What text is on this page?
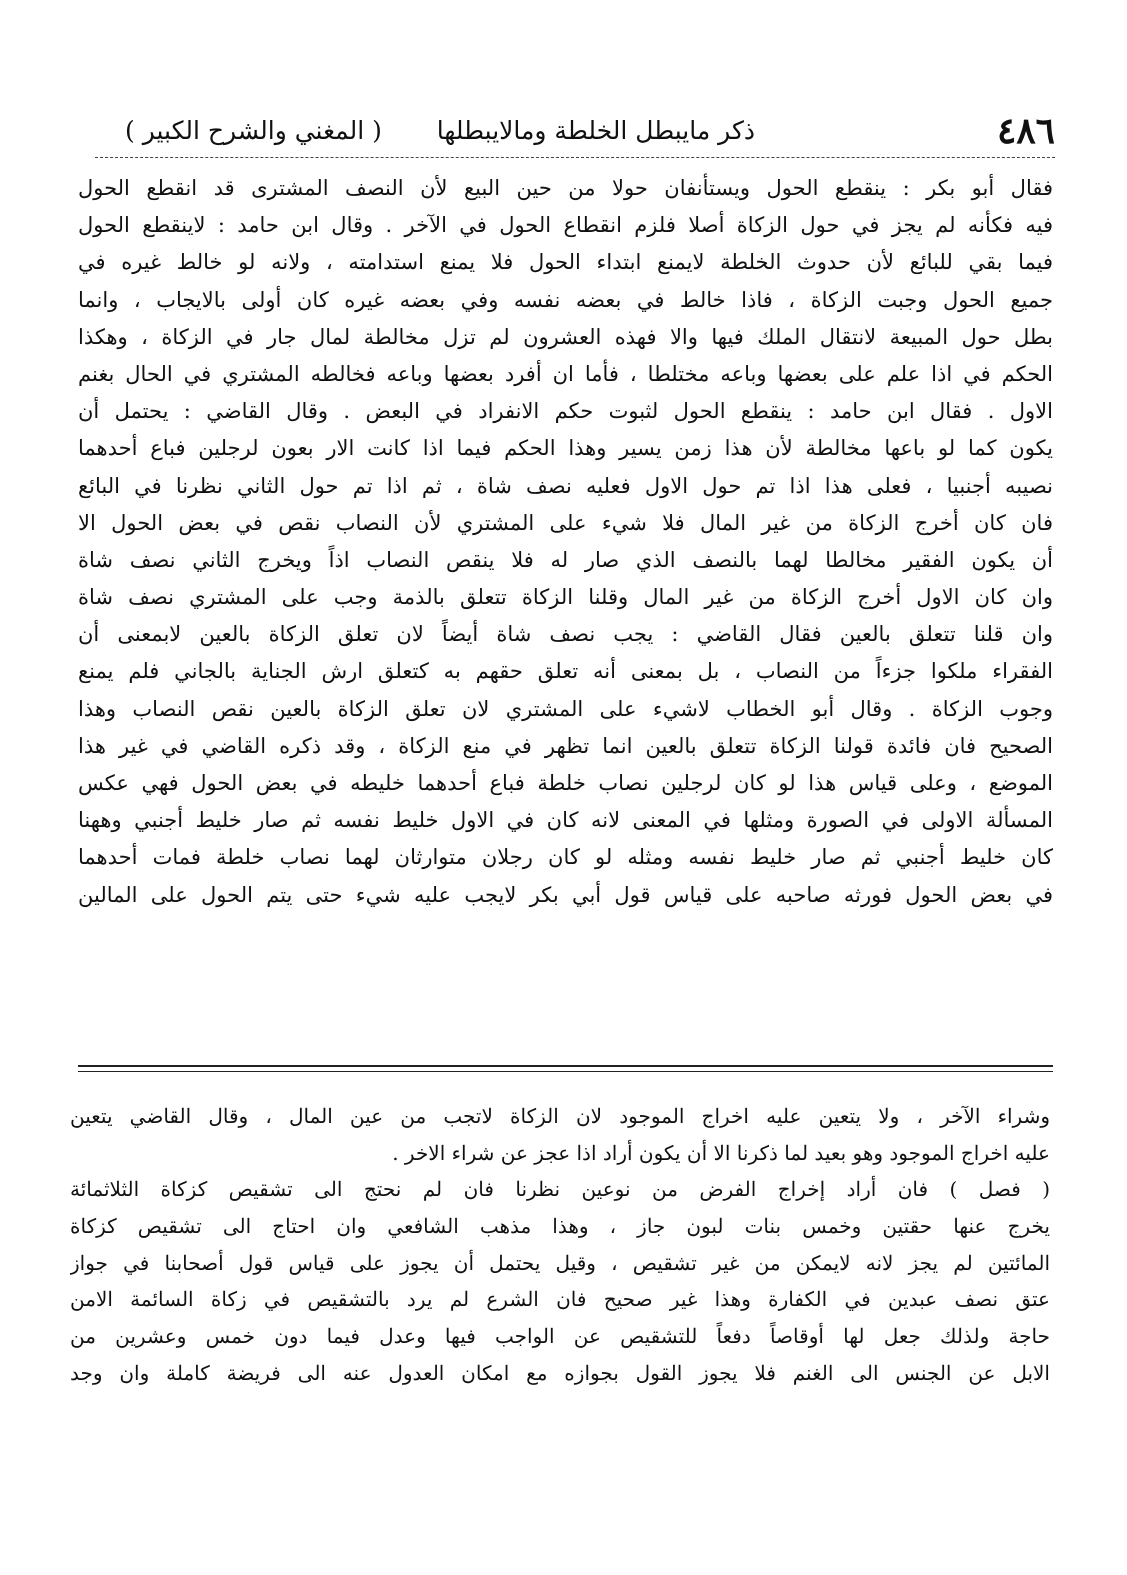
٤٨٦
ذكر مايبطل الخلطة ومالايبطلها
( المغني والشرح الكبير )
فقال أبو بكر : ينقطع الحول ويستأنفان حولا من حين البيع لأن النصف المشترى قد انقطع الحول
فيه فكأنه لم يجز في حول الزكاة أصلا فلزم انقطاع الحول في الآخر . وقال ابن حامد : لاينقطع الحول
فيما بقي للبائع لأن حدوث الخلطة لايمنع ابتداء الحول فلا يمنع استدامته ، ولانه لو خالط غيره في
جميع الحول وجبت الزكاة ، فاذا خالط في بعضه نفسه وفي بعضه غيره كان أولى بالايجاب ، وانما
بطل حول المبيعة لانتقال الملك فيها والا فهذه العشرون لم تزل مخالطة لمال جار في الزكاة ، وهكذا
الحكم في اذا علم على بعضها وباعه مختلطا ، فأما ان أفرد بعضها وباعه فخالطه المشتري في الحال بغنم
الاول . فقال ابن حامد : ينقطع الحول لثبوت حكم الانفراد في البعض . وقال القاضي : يحتمل أن
يكون كما لو باعها مخالطة لأن هذا زمن يسير وهذا الحكم فيما اذا كانت الار بعون لرجلين فباع أحدهما
نصيبه أجنبيا ، فعلى هذا اذا تم حول الاول فعليه نصف شاة ، ثم اذا تم حول الثاني نظرنا في البائع
فان كان أخرج الزكاة من غير المال فلا شيء على المشتري لأن النصاب نقص في بعض الحول الا
أن يكون الفقير مخالطا لهما بالنصف الذي صار له فلا ينقص النصاب اذاً ويخرج الثاني نصف شاة
وان كان الاول أخرج الزكاة من غير المال وقلنا الزكاة تتعلق بالذمة وجب على المشتري نصف شاة
وان قلنا تتعلق بالعين فقال القاضي : يجب نصف شاة أيضاً لان تعلق الزكاة بالعين لابمعنى أن
الفقراء ملكوا جزءاً من النصاب ، بل بمعنى أنه تعلق حقهم به كتعلق ارش الجناية بالجاني فلم يمنع
وجوب الزكاة . وقال أبو الخطاب لاشيء على المشتري لان تعلق الزكاة بالعين نقص النصاب وهذا
الصحيح فان فائدة قولنا الزكاة تتعلق بالعين انما تظهر في منع الزكاة ، وقد ذكره القاضي في غير هذا
الموضع ، وعلى قياس هذا لو كان لرجلين نصاب خلطة فباع أحدهما خليطه في بعض الحول فهي عكس
المسألة الاولى في الصورة ومثلها في المعنى لانه كان في الاول خليط نفسه ثم صار خليط أجنبي وههنا
كان خليط أجنبي ثم صار خليط نفسه ومثله لو كان رجلان متوارثان لهما نصاب خلطة فمات أحدهما
في بعض الحول فورثه صاحبه على قياس قول أبي بكر لايجب عليه شيء حتى يتم الحول على المالين
وشراء الآخر ، ولا يتعين عليه اخراج الموجود لان الزكاة لاتجب من عين المال ، وقال القاضي يتعين
عليه اخراج الموجود وهو بعيد لما ذكرنا الا أن يكون أراد اذا عجز عن شراء الاخر .
( فصل ) فان أراد إخراج الفرض من نوعين نظرنا فان لم نحتج الى تشقيص كزكاة الثلاثمائة
يخرج عنها حقتين وخمس بنات لبون جاز ، وهذا مذهب الشافعي وان احتاج الى تشقيص كزكاة
المائتين لم يجز لانه لايمكن من غير تشقيص ، وقيل يحتمل أن يجوز على قياس قول أصحابنا في جواز
عتق نصف عبدين في الكفارة وهذا غير صحيح فان الشرع لم يرد بالتشقيص في زكاة السائمة الامن
حاجة ولذلك جعل لها أوقاصاً دفعاً للتشقيص عن الواجب فيها وعدل فيما دون خمس وعشرين من
الابل عن الجنس الى الغنم فلا يجوز القول بجوازه مع امكان العدول عنه الى فريضة كاملة وان وجد
